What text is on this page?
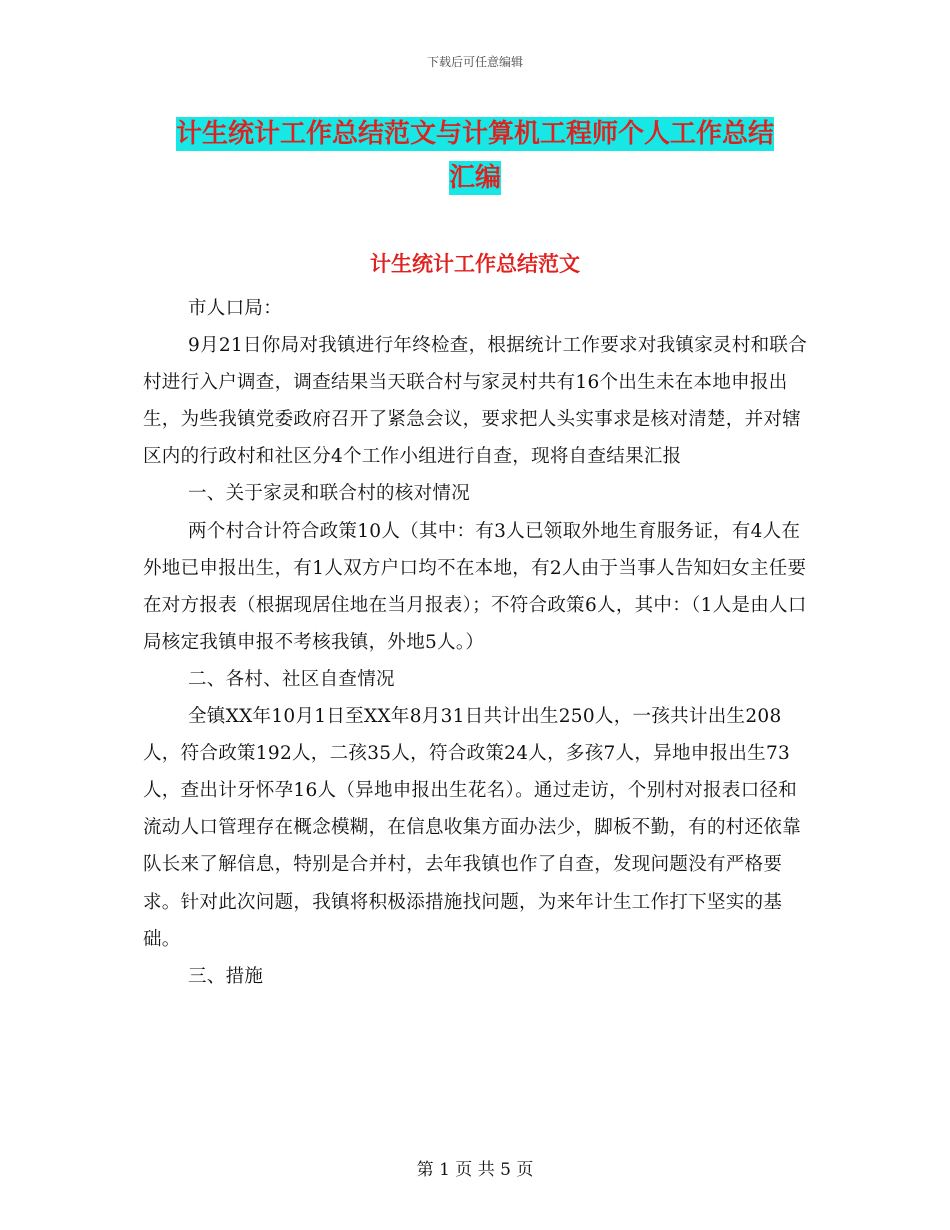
下载后可任意编辑
计生统计工作总结范文与计算机工程师个人工作总结
汇编
计生统计工作总结范文

市人口局：

9月21日你局对我镇进行年终检查，根据统计工作要求对我镇家灵村和联合村进行入户调查，调查结果当天联合村与家灵村共有16个出生未在本地申报出生，为些我镇党委政府召开了紧急会议，要求把人头实事求是核对清楚，并对辖区内的行政村和社区分4个工作小组进行自查，现将自查结果汇报

一、关于家灵和联合村的核对情况

两个村合计符合政策10人（其中：有3人已领取外地生育服务证，有4人在外地已申报出生，有1人双方户口均不在本地，有2人由于当事人告知妇女主任要在对方报表（根据现居住地在当月报表）；不符合政策6人，其中：（1人是由人口局核定我镇申报不考核我镇，外地5人。）

二、各村、社区自查情况

全镇XX年10月1日至XX年8月31日共计出生250人，一孩共计出生208人，符合政策192人，二孩35人，符合政策24人，多孩7人，异地申报出生73人，查出计牙怀孕16人（异地申报出生花名）。通过走访，个别村对报表口径和流动人口管理存在概念模糊，在信息收集方面办法少，脚板不勤，有的村还依靠队长来了解信息，特别是合并村，去年我镇也作了自查，发现问题没有严格要求。针对此次问题，我镇将积极添措施找问题，为来年计生工作打下坚实的基础。

三、措施

第 1 页 共 5 页
